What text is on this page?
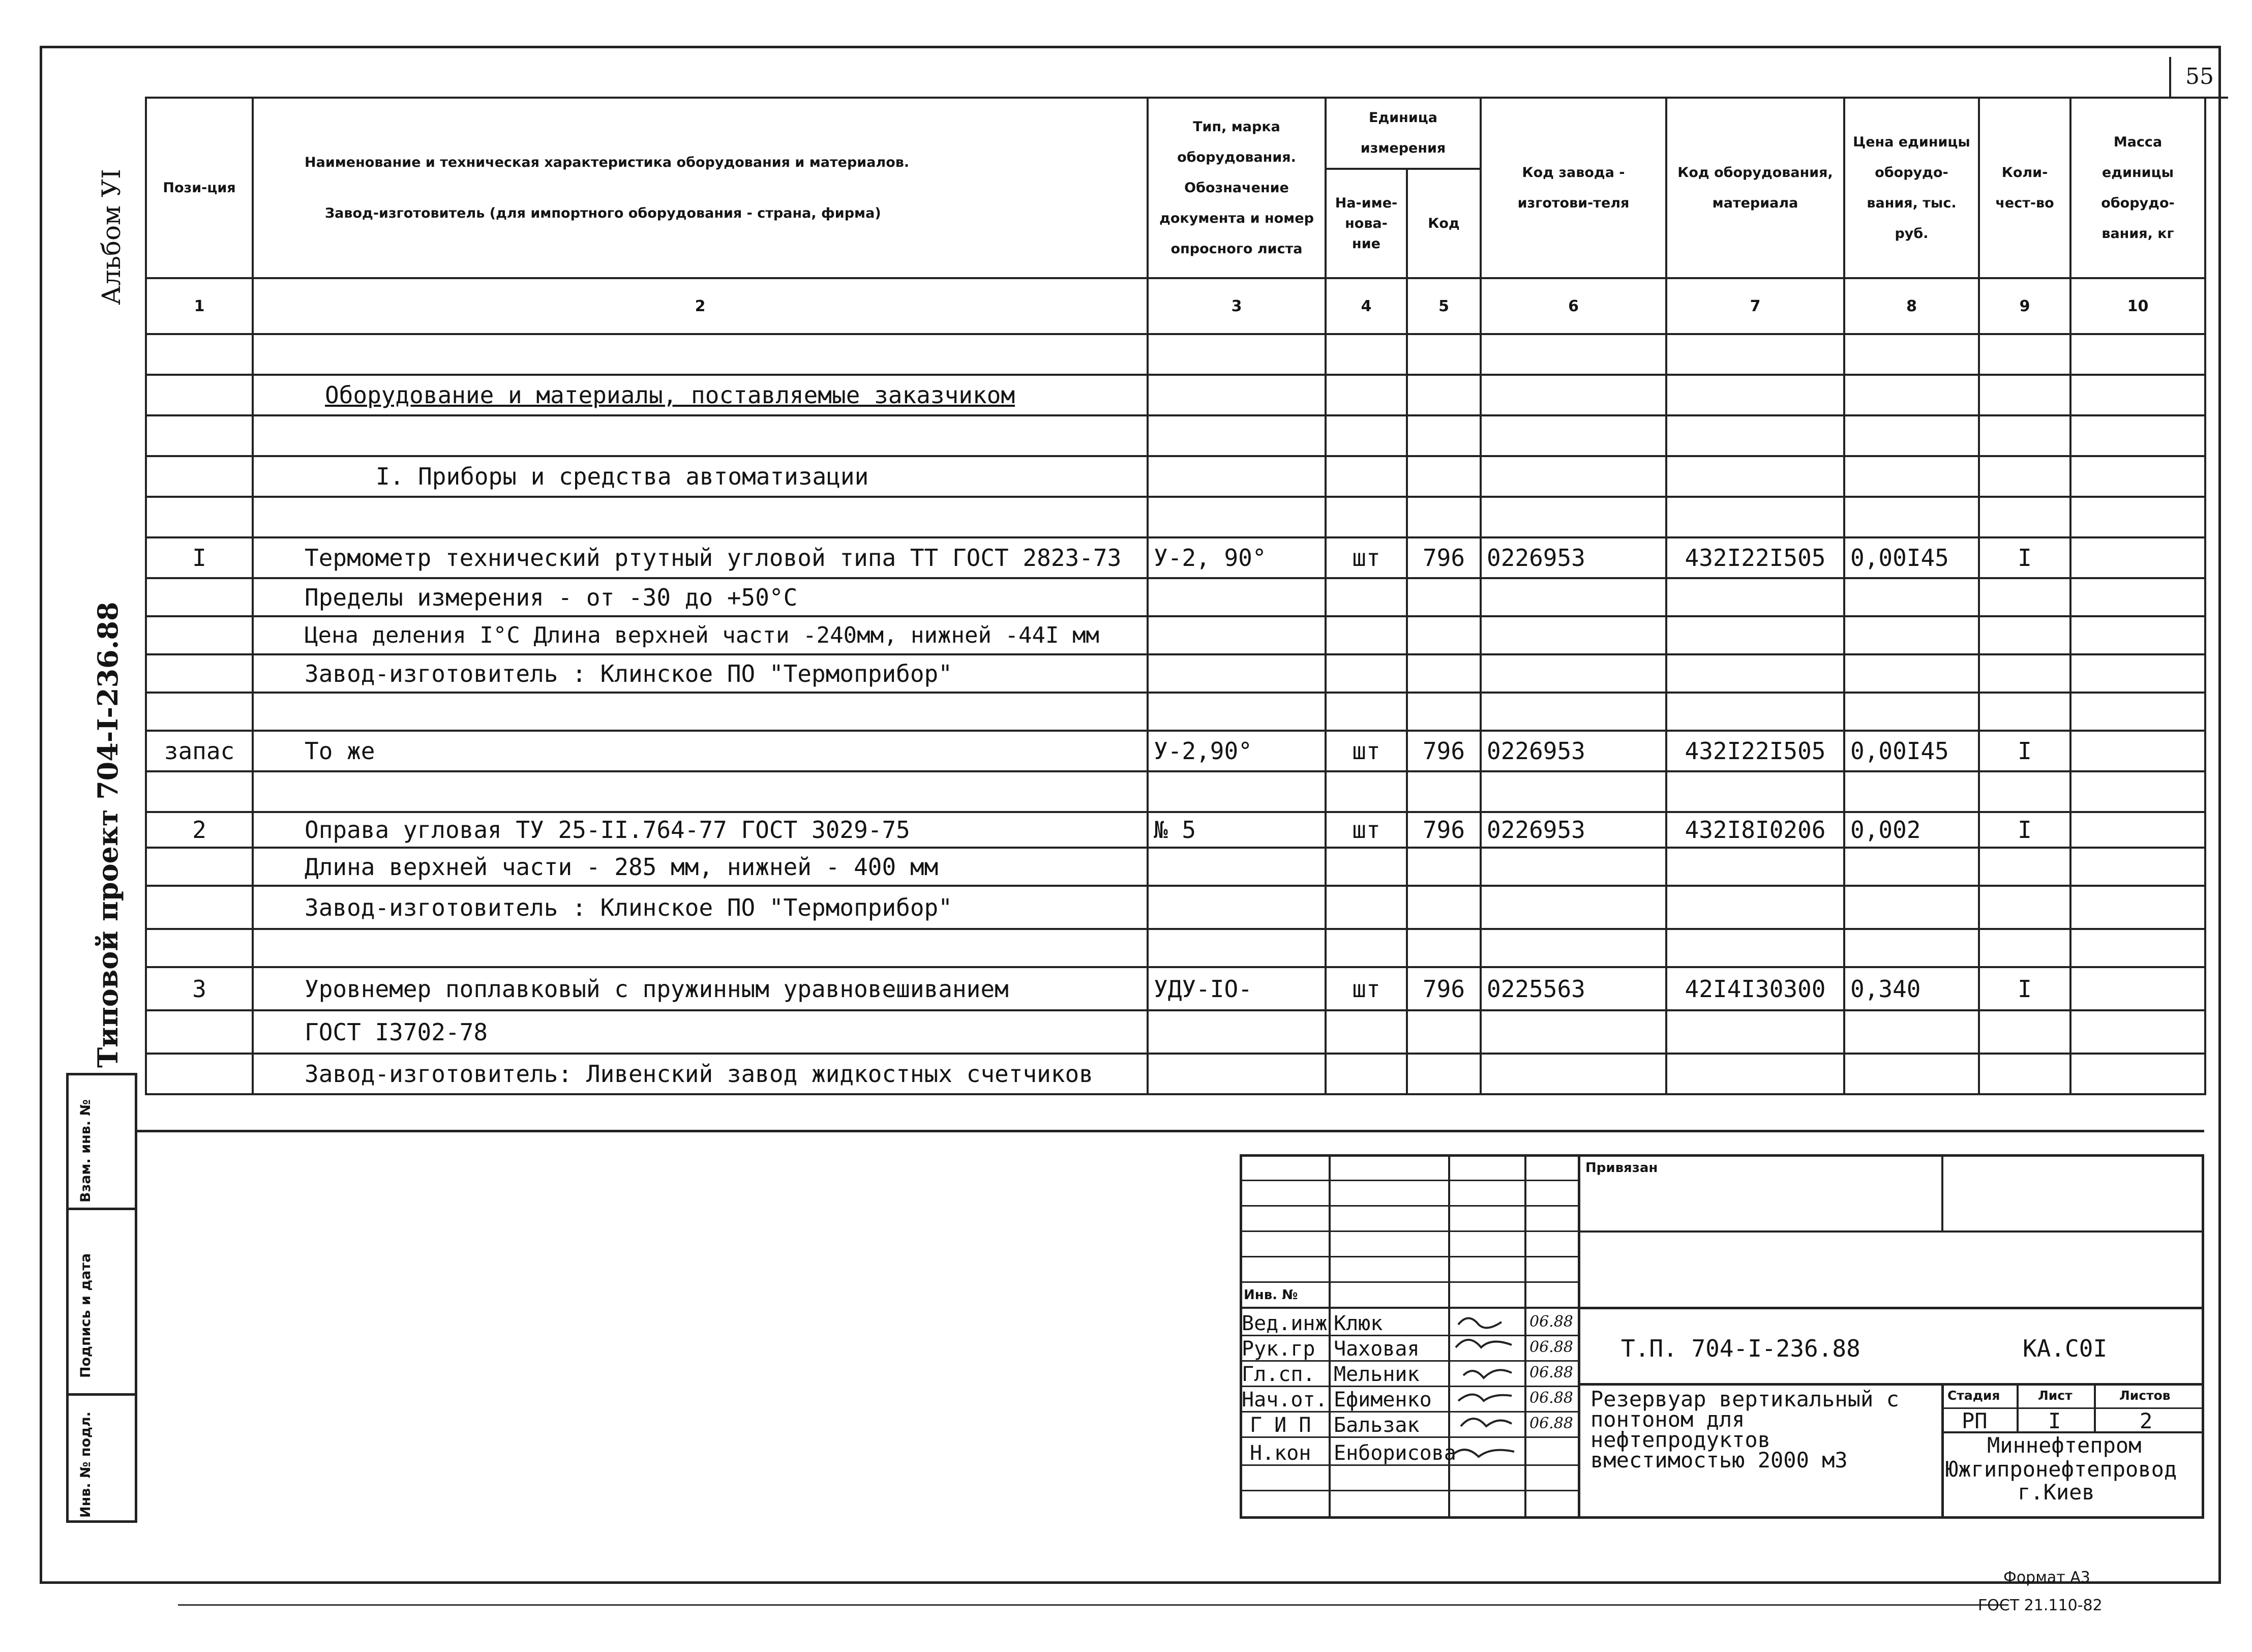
55
Альбом УI
Типовой проект 704-I-236.88
Взам. инв. №
Подпись и дата
Инв. № подл.
Пози-ция	Наименование и техническая характеристика оборудования и материалов.
Завод-изготовитель (для импортного оборудования - страна, фирма)	Тип, марка оборудования. Обозначение документа и номер опросного листа	Единица измерения		Код завода - изготови-теля	Код оборудования, материала	Цена единицы оборудо-вания, тыс. руб.	Коли-чест-во	Масса единицы оборудо-вания, кг
			На-име-нова-ние	Код					
1	2	3	4	5	6	7	8	9	10

	Оборудование и материалы, поставляемые заказчиком								

	I. Приборы и средства автоматизации								

I	Термометр технический ртутный угловой типа ТТ ГОСТ 2823-73	У-2, 90°	шт	796	0226953	432I22I505	0,00I45	I	
	Пределы измерения - от -30 до +50°С								
	Цена деления I°С Длина верхней части -240мм, нижней -44I мм								
	Завод-изготовитель : Клинское ПО "Термоприбор"								

запас	То же	У-2,90°	шт	796	0226953	432I22I505	0,00I45	I	

2	Оправа угловая ТУ 25-II.764-77 ГОСТ 3029-75	№ 5	шт	796	0226953	432I8I0206	0,002	I	
	Длина верхней части - 285 мм, нижней - 400 мм								
	Завод-изготовитель : Клинское ПО "Термоприбор"								

3	Уровнемер поплавковый с пружинным уравновешиванием	УДУ-IO-	шт	796	0225563	42I4I30300	0,340	I	
	ГОСТ I3702-78								
	Завод-изготовитель: Ливенский завод жидкостных счетчиков								
Привязан
Инв. №
Вед.инж Клюк	06.88
Рук.гр Чаховая	06.88
Гл.сп. Мельник	06.88
Нач.от. Ефименко	06.88
Г И П Бальзак	06.88
Н.кон Енборисова
Т.П. 704-I-236.88	КА.С0I
Резервуар вертикальный с понтоном для нефтепродуктов вместимостью 2000 м3
Стадия	Лист	Листов
РП	I	2
Миннефтепром
Южгипронефтепровод
г.Киев
Формат А3
ГОСТ 21.110-82
